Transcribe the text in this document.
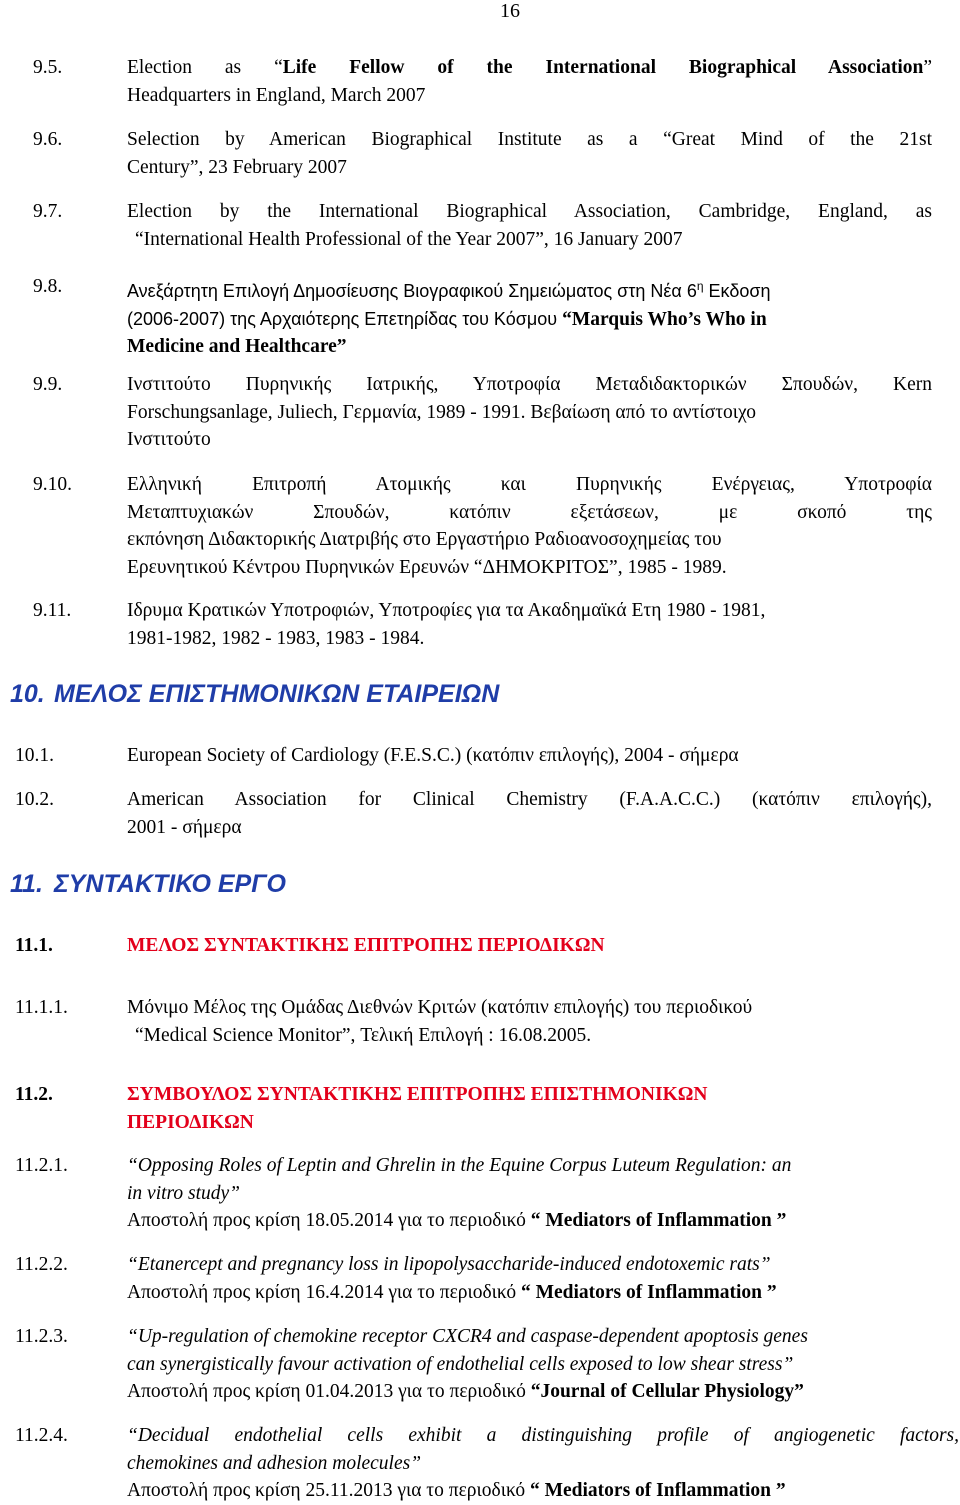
16
9.5.	Election as “Life Fellow of the International Biographical Association”
Headquarters in England, March 2007
9.6.	Selection by American Biographical Institute as a “Great Mind of the 21st
Century”, 23 February 2007
9.7.	Election by the International Biographical Association, Cambridge, England, as
“International Health Professional of the Year 2007”, 16 January 2007
9.8.	Ανεξάρτητη Επιλογή Δημοσίευσης Βιογραφικού Σημειώματος στη Νέα $6^\eta$ Εκδοση
(2006-2007) της Αρχαιότερης Επετηρίδας του Κόσμου “Marquis Who’s Who in
Medicine and Healthcare”
9.9.	Ινστιτούτο Πυρηνικής Ιατρικής, Υποτροφία Μεταδιδακτορικών Σπουδών, Kern
Forschungsanlage, Juliech, Γερμανία, 1989 - 1991. Βεβαίωση από το αντίστοιχο
Ινστιτούτο
9.10.	Ελληνική Επιτροπή Ατομικής και Πυρηνικής Ενέργειας, Υποτροφία
Μεταπτυχιακών Σπουδών, κατόπιν εξετάσεων, με σκοπό της
εκπόνηση Διδακτορικής Διατριβής στο Εργαστήριο Ραδιοανοσοχημείας του
Ερευνητικού Κέντρου Πυρηνικών Ερευνών “ΔΗΜΟΚΡΙΤΟΣ”, 1985 - 1989.
9.11.	Ιδρυμα Κρατικών Υποτροφιών, Υποτροφίες για τα Ακαδημαϊκά Ετη 1980 - 1981,
1981-1982, 1982 - 1983, 1983 - 1984.
10. ΜΕΛΟΣ ΕΠΙΣΤΗΜΟΝΙΚΩΝ ΕΤΑΙΡΕΙΩΝ
10.1.	European Society of Cardiology (F.E.S.C.) (κατόπιν επιλογής), 2004 - σήμερα
10.2.	American Association for Clinical Chemistry (F.A.A.C.C.) (κατόπιν επιλογής),
2001 - σήμερα
11. ΣΥΝΤΑΚΤΙΚΟ ΕΡΓΟ
11.1.	ΜΕΛΟΣ ΣΥΝΤΑΚΤΙΚΗΣ ΕΠΙΤΡΟΠΗΣ ΠΕΡΙΟΔΙΚΩΝ
11.1.1.	Μόνιμο Μέλος της Ομάδας Διεθνών Κριτών (κατόπιν επιλογής) του περιοδικού
“Medical Science Monitor”, Τελική Επιλογή : 16.08.2005.
11.2.	ΣΥΜΒΟΥΛΟΣ ΣΥΝΤΑΚΤΙΚΗΣ ΕΠΙΤΡΟΠΗΣ ΕΠΙΣΤΗΜΟΝΙΚΩΝ
ΠΕΡΙΟΔΙΚΩΝ
11.2.1.	“Opposing Roles of Leptin and Ghrelin in the Equine Corpus Luteum Regulation: an
in vitro study”
Αποστολή προς κρίση 18.05.2014 για το περιοδικό “ Mediators of Inflammation ”
11.2.2.	“Etanercept and pregnancy loss in lipopolysaccharide-induced endotoxemic rats”
Αποστολή προς κρίση 16.4.2014 για το περιοδικό “ Mediators of Inflammation ”
11.2.3.	“Up-regulation of chemokine receptor CXCR4 and caspase-dependent apoptosis genes
can synergistically favour activation of endothelial cells exposed to low shear stress”
Αποστολή προς κρίση 01.04.2013 για το περιοδικό “Journal of Cellular Physiology”
11.2.4.	“Decidual endothelial cells exhibit a distinguishing profile of angiogenetic factors,
chemokines and adhesion molecules”
Αποστολή προς κρίση 25.11.2013 για το περιοδικό “ Mediators of Inflammation ”
